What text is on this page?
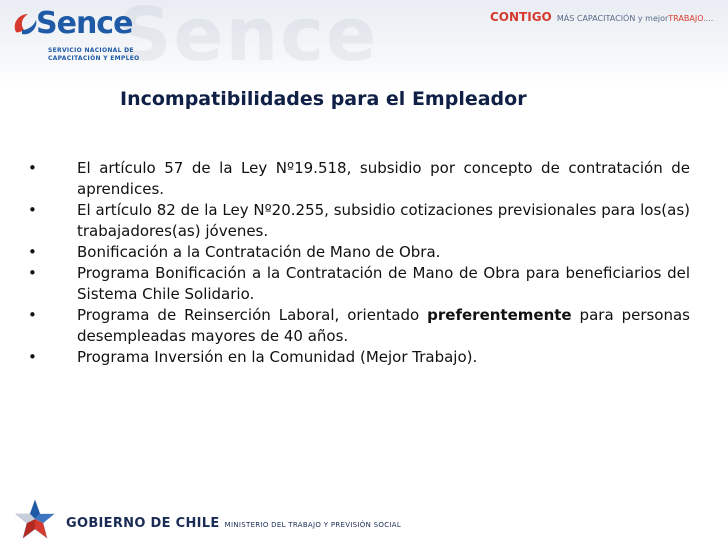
Sence
Sence
SERVICIO NACIONAL DE
CAPACITACIÓN Y EMPLEO
CONTIGO MÁS CAPACITACIÓN y mejorTRABAJO....
Incompatibilidades para el Empleador
•	El artículo 57 de la Ley Nº19.518, subsidio por concepto de contratación de aprendices.
•	El artículo 82 de la Ley Nº20.255, subsidio cotizaciones previsionales para los(as) trabajadores(as) jóvenes.
•	Bonificación a la Contratación de Mano de Obra.
•	Programa Bonificación a la Contratación de Mano de Obra para beneficiarios del Sistema Chile Solidario.
•	Programa de Reinserción Laboral, orientado preferentemente para personas desempleadas mayores de 40 años.
•	Programa Inversión en la Comunidad (Mejor Trabajo).
GOBIERNO DE CHILE MINISTERIO DEL TRABAJO Y PREVISIÓN SOCIAL
